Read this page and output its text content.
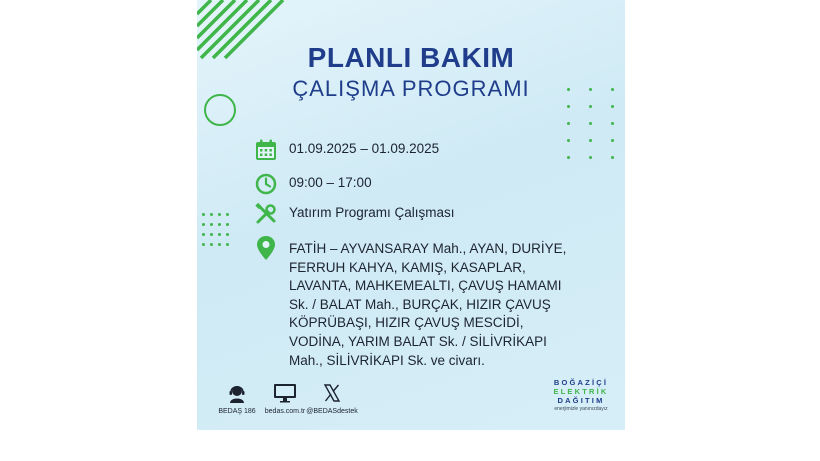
PLANLI BAKIM
ÇALIŞMA PROGRAMI
01.09.2025 – 01.09.2025
09:00 – 17:00
Yatırım Programı Çalışması
FATİH – AYVANSARAY Mah., AYAN, DURİYE,
FERRUH KAHYA, KAMIŞ, KASAPLAR,
LAVANTA, MAHKEMEALTI, ÇAVUŞ HAMAMI
Sk. / BALAT Mah., BURÇAK, HIZIR ÇAVUŞ
KÖPRÜBAŞI, HIZIR ÇAVUŞ MESCİDİ,
VODİNA, YARIM BALAT Sk. / SİLİVRİKAPI
Mah., SİLİVRİKAPI Sk. ve civarı.
BEDAŞ 186	bedas.com.tr @BEDASdestek
BOĞAZİÇİ
ELEKTRİK
DAĞITIM
enerjimizle yanınızdayız
